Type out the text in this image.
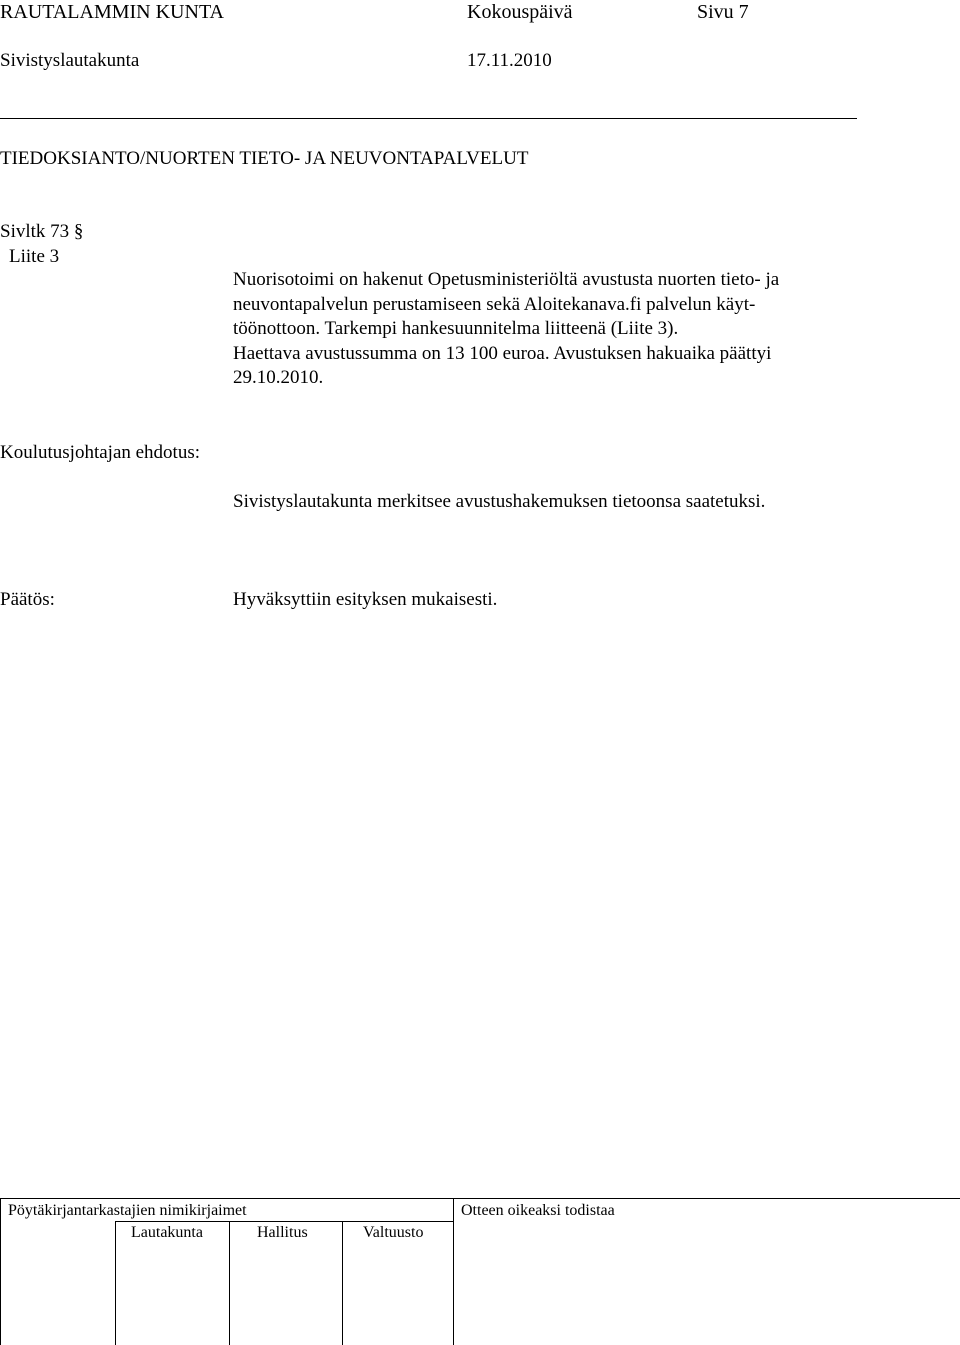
RAUTALAMMIN KUNTA	Kokouspäivä	Sivu 7
Sivistyslautakunta	17.11.2010
TIEDOKSIANTO/NUORTEN TIETO- JA NEUVONTAPALVELUT
Sivltk 73 §
Liite 3
Nuorisotoimi on hakenut Opetusministeriöltä avustusta nuorten tieto- ja
neuvontapalvelun perustamiseen sekä Aloitekanava.fi palvelun käyt-
töönottoon. Tarkempi hankesuunnitelma liitteenä (Liite 3).
Haettava avustussumma on 13 100 euroa. Avustuksen hakuaika päättyi
29.10.2010.
Koulutusjohtajan ehdotus:
Sivistyslautakunta merkitsee avustushakemuksen tietoonsa saatetuksi.
Päätös:	Hyväksyttiin esityksen mukaisesti.
Pöytäkirjantarkastajien nimikirjaimet	Otteen oikeaksi todistaa
Lautakunta	Hallitus	Valtuusto
